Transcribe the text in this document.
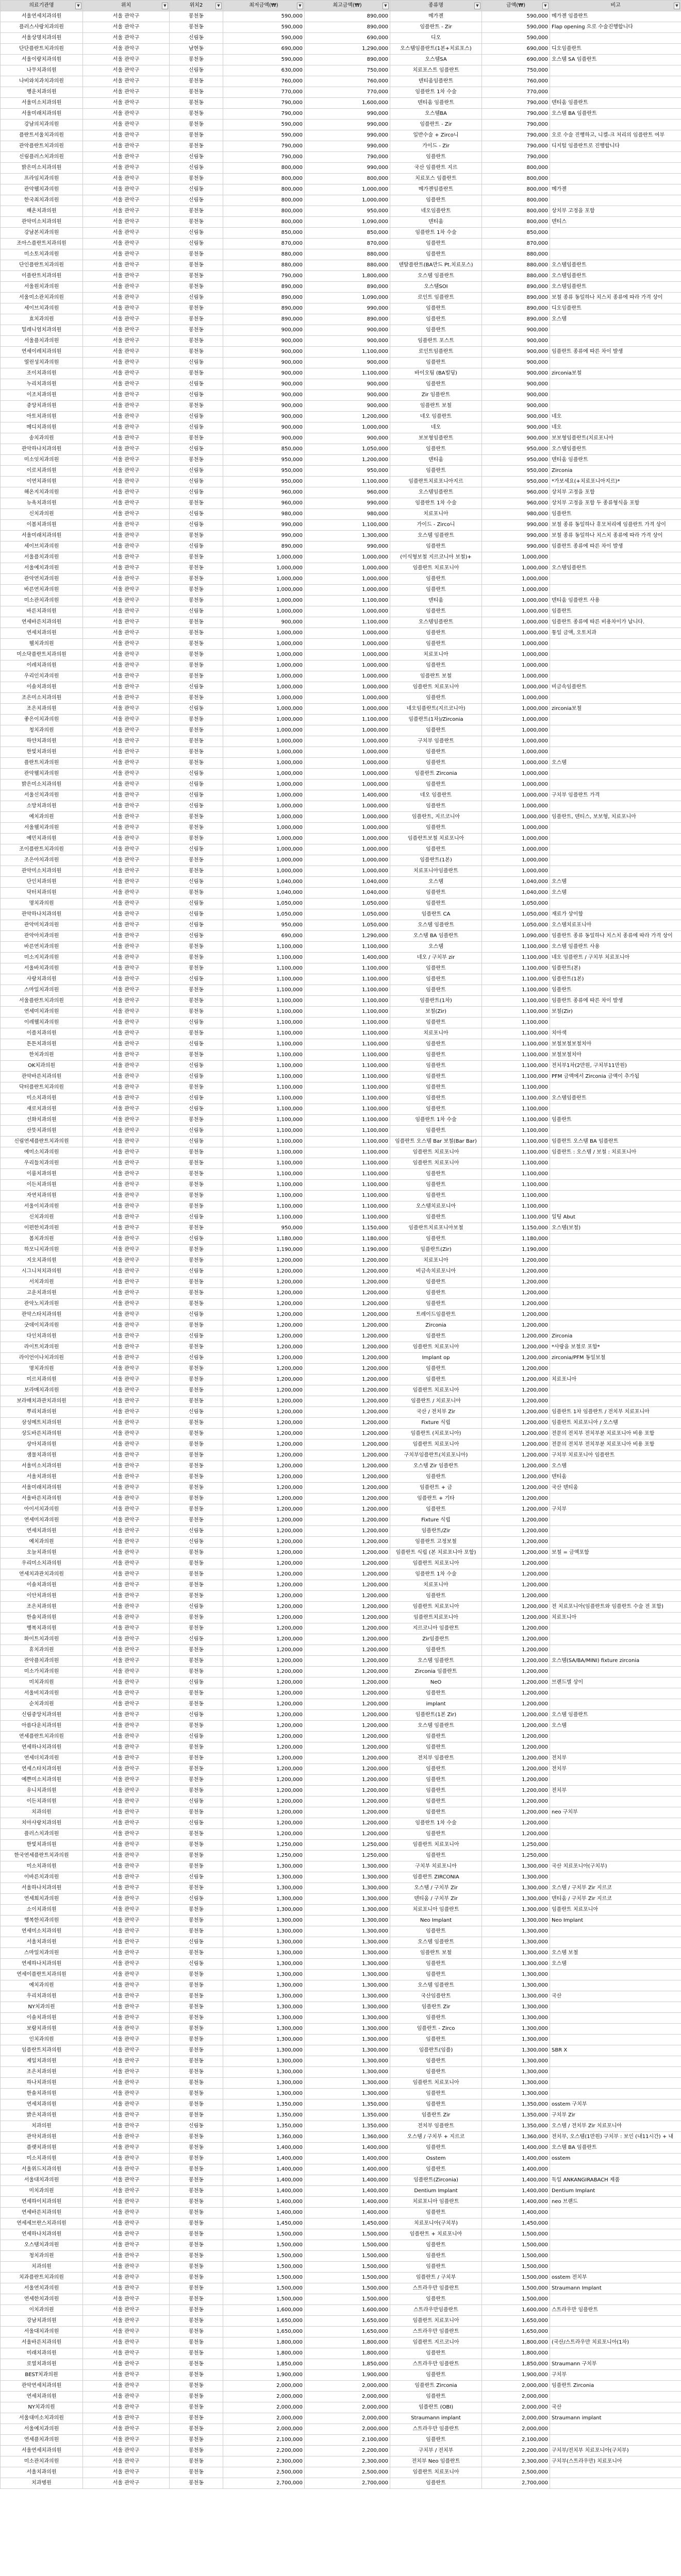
의료기관명 ▼	위치 ▼	위치2 ▼	최저금액(₩) ▼	최고금액(₩) ▼	종류명 ▼	금액(₩) ▼	비고 ▼

서울연세치과의원	서울 관악구	봉천동	590,000	890,000	메가젠	590,000	메가젠 임플란트
플러스사랑치과의원	서울 관악구	봉천동	590,000	890,000	임플란트 - Zir	590,000	Flap opening 으로 수술진행합니다
서울상명치과의원	서울 관악구	신림동	590,000	690,000	디오	590,000	
단단플란트치과의원	서울 관악구	남현동	690,000	1,290,000	오스템임플란트(1본+치료포스)	690,000	디오임플란트
서울이랑치과의원	서울 관악구	봉천동	590,000	890,000	오스템SA	690,000	오스템 SA 임플란트
나무치과의원	서울 관악구	신림동	630,000	750,000	치료포스트 임플란트	750,000	
나비와치과치과의원	서울 관악구	봉천동	760,000	760,000	덴티움임플란트	760,000	
행운치과의원	서울 관악구	봉천동	770,000	770,000	임플란트 1차 수술	770,000	
서울미소치과의원	서울 관악구	봉천동	790,000	1,600,000	덴티움 임플란트	790,000	덴티움 임플란트
서울미래치과의원	서울 관악구	봉천동	790,000	990,000	오스템BA	790,000	오스템 BA 임플란트
강남의치과의원	서울 관악구	봉천동	590,000	990,000	임플란트 - Zir	790,000	
플란트서울치과의원	서울 관악구	봉천동	590,000	990,000	일반수술 + Zirco니	790,000	오로 수술 진행하고, 니켈-크 처리의 임플란트 여부
관악플란트치과의원	서울 관악구	봉천동	790,000	990,000	가이드 - Zir	790,000	디지털 임플란트로 진행합니다
신림플러스치과의원	서울 관악구	신림동	790,000	790,000	임플란트	790,000	
밝은미소치과의원	서울 관악구	신림동	800,000	990,000	국산 임플란트 지르	800,000	
프라임치과의원	서울 관악구	봉천동	800,000	800,000	치료포스 임플란트	800,000	
관악웰치과의원	서울 관악구	신림동	800,000	1,000,000	메가젠임플란트	800,000	메가젠
한국최치과의원	서울 관악구	신림동	800,000	1,000,000	임플란트	800,000	
해온치과의원	서울 관악구	봉천동	800,000	950,000	네오임플란트	800,000	상치부 고정을 포함
관악미소치과의원	서울 관악구	봉천동	800,000	1,090,000	덴티움	800,000	덴티스
강남본치과의원	서울 관악구	신림동	850,000	850,000	임플란트 1차 수술	850,000	
조아스플란트치과의원	서울 관악구	신림동	870,000	870,000	임플란트	870,000	
미소토치과의원	서울 관악구	봉천동	880,000	880,000	임플란트	880,000	
단인플란트치과의원	서울 관악구	봉천동	880,000	880,000	덴탈플란트(BA만드 Pt.치료포스)	880,000	오스템임플란트
이플란트치과의원	서울 관악구	봉천동	790,000	1,800,000	오스템 임플란트	880,000	오스템임플란트
서울원치과의원	서울 관악구	봉천동	890,000	890,000	오스템SOI	890,000	오스템임플란트
서울미소관치과의원	서울 관악구	신림동	890,000	1,090,000	로인트 임플란트	890,000	보철 종류 동일하나 치스치 종류에 따라 가격 상이
세이브치과의원	서울 관악구	봉천동	890,000	990,000	임플란트	890,000	디오임플란트
효치과의원	서울 관악구	봉천동	890,000	890,000	임플란트	890,000	오스템
밀레니엄치과의원	서울 관악구	봉천동	900,000	900,000	임플란트	900,000	
서울플치과의원	서울 관악구	봉천동	900,000	900,000	임플란트 포스트	900,000	
연세이레치과의원	서울 관악구	봉천동	900,000	1,100,000	로인트임플란트	900,000	임플란트 종류에 따른 차이 발생
열린성치과의원	서울 관악구	신림동	900,000	900,000	임플란트	900,000	
조이치과의원	서울 관악구	봉천동	900,000	1,100,000	바이오팀 (BA빌딩)	900,000	zirconia보철
누리치과의원	서울 관악구	신림동	900,000	900,000	임플란트	900,000	
이조치과의원	서울 관악구	신림동	900,000	900,000	Zir 임플란트	900,000	
중앙치과의원	서울 관악구	봉천동	900,000	900,000	임플란트 보철	900,000	
아토치과의원	서울 관악구	신림동	900,000	1,200,000	네오 임플란트	900,000	네오
메디치과의원	서울 관악구	신림동	900,000	1,000,000	네오	900,000	네오
송치과의원	서울 관악구	봉천동	900,000	900,000	보보형임플란트	900,000	보보형임플란트(치료포니아
관악하나치과의원	서울 관악구	신림동	850,000	1,050,000	임플란트	950,000	오스템임플란트
미소잇치과의원	서울 관악구	봉천동	950,000	1,200,000	덴티움	950,000	덴티움 임플란트
이로치과의원	서울 관악구	신림동	950,000	950,000	임플란트	950,000	Zirconia
이연치과의원	서울 관악구	신림동	950,000	1,100,000	임플란트치료포니아지르	950,000	*가보세요(+치료포니아지르)*
해온지치과의원	서울 관악구	신림동	960,000	960,000	오스템임플란트	960,000	상치부 고정을 포함
뉴욕치과의원	서울 관악구	봉천동	960,000	990,000	임플란트 1차 수술	960,000	상치부 고정을 포함 두 종류형식을 포함
신치과의원	서울 관악구	신림동	980,000	980,000	치료포니아	980,000	임플란트
이봄치과의원	서울 관악구	신림동	990,000	1,100,000	가이드 - Zirco니	990,000	보철 종류 동일하나 휴모처리에 임플란트 가격 상이
서울미래치과의원	서울 관악구	봉천동	990,000	1,300,000	오스템 임플란트	990,000	보철 종류 동일하나 치스치 종류에 따라 가격 상이
세이브치과의원	서울 관악구	신림동	890,000	990,000	임플란트	990,000	임플란트 종류에 따른 차이 발생
서울플치과의원	서울 관악구	봉천동	1,000,000	1,000,000	(이식형보철 지르코니아 보철)+	1,000,000	
서울예치과의원	서울 관악구	봉천동	1,000,000	1,000,000	임플란트 치료포니아	1,000,000	오스템임플란트
관악연치과의원	서울 관악구	봉천동	1,000,000	1,000,000	임플란트	1,000,000	
바른연치과의원	서울 관악구	봉천동	1,000,000	1,000,000	임플란트	1,000,000	
미소관치과의원	서울 관악구	봉천동	1,000,000	1,100,000	덴티움	1,000,000	덴티움 임플란트 사용
바른치과의원	서울 관악구	신림동	1,000,000	1,000,000	임플란트	1,000,000	임플란트
연세바른치과의원	서울 관악구	봉천동	900,000	1,100,000	오스템임플란트	1,000,000	임플란트 종류에 따른 비용차이가 납니다.
연세치과의원	서울 관악구	봉천동	1,000,000	1,000,000	임플란트	1,000,000	통일 금액, 오토치과
웰치과의원	서울 관악구	봉천동	1,000,000	1,000,000	임플란트	1,000,000	
미소닥플란트치과의원	서울 관악구	봉천동	1,000,000	1,000,000	치료포니아	1,000,000	
이레치과의원	서울 관악구	봉천동	1,000,000	1,000,000	임플란트	1,000,000	
우리인치과의원	서울 관악구	봉천동	1,000,000	1,000,000	임플란트 보철	1,000,000	
이솔치과의원	서울 관악구	신림동	1,000,000	1,000,000	임플란트 치료포니아	1,000,000	비금속임플란트
조은미소치과의원	서울 관악구	봉천동	1,000,000	1,000,000	임플란트	1,000,000	
조은치과의원	서울 관악구	신림동	1,000,000	1,000,000	네오임플란트(지르코니아)	1,000,000	zirconia보철
좋은이치과의원	서울 관악구	봉천동	1,000,000	1,100,000	임플란트(1차)/Zirconia	1,000,000	
청치과의원	서울 관악구	봉천동	1,000,000	1,000,000	임플란트	1,000,000	
하얀치과의원	서울 관악구	봉천동	1,000,000	1,000,000	구치부 임플란트	1,000,000	
한빛치과의원	서울 관악구	봉천동	1,000,000	1,000,000	임플란트	1,000,000	
플란트치과의원	서울 관악구	봉천동	1,000,000	1,000,000	임플란트	1,000,000	오스템
관악웰치과의원	서울 관악구	신림동	1,000,000	1,000,000	임플란트 Zirconia	1,000,000	
밝은미소치과의원	서울 관악구	신림동	1,000,000	1,000,000	임플란트	1,000,000	
서울신치과의원	서울 관악구	신림동	1,000,000	1,400,000	네오 임플란트	1,000,000	구치부 임플란트 가격
소망치과의원	서울 관악구	신림동	1,000,000	1,000,000	임플란트	1,000,000	
예치과의원	서울 관악구	봉천동	1,000,000	1,000,000	임플란트, 지르코니아	1,000,000	임플란트, 덴티스, 보보형, 치료포니아
서울웰치과의원	서울 관악구	봉천동	1,000,000	1,000,000	임플란트	1,000,000	
예민치과의원	서울 관악구	봉천동	1,000,000	1,000,000	임플란트보철 치료포니아	1,000,000	
조이플란트치과의원	서울 관악구	신림동	1,000,000	1,000,000	임플란트	1,000,000	
조은아치과의원	서울 관악구	봉천동	1,000,000	1,000,000	임플란트(1본)	1,000,000	
관악미소치과의원	서울 관악구	봉천동	1,000,000	1,000,000	치료포니아임플란트	1,000,000	
단인치과의원	서울 관악구	신림동	1,040,000	1,040,000	오스템	1,040,000	오스템
닥터치과의원	서울 관악구	봉천동	1,040,000	1,040,000	임플란트	1,040,000	오스템
명치과의원	서울 관악구	신림동	1,050,000	1,050,000	임플란트	1,050,000	
관악하나치과의원	서울 관악구	신림동	1,050,000	1,050,000	임플란트 CA	1,050,000	재료가 상이함
관악미치과의원	서울 관악구	신림동	950,000	1,050,000	오스템 임플란트	1,050,000	오스템치료포니아
관악아치과의원	서울 관악구	신림동	690,000	1,290,000	오스템 BA 임플란트	1,090,000	임플란트 종류 동일하나 치스치 종류에 따라 가격 상이
바른연치과의원	서울 관악구	봉천동	1,100,000	1,100,000	오스템	1,100,000	오스템 임플란트 사용
미소지치과의원	서울 관악구	봉천동	1,100,000	1,400,000	네오 / 구치부 zir	1,100,000	네오 임플란트 / 구치부 치료포니아
서울바치과의원	서울 관악구	봉천동	1,100,000	1,100,000	임플란트	1,100,000	임플란트(본)
사랑치과의원	서울 관악구	신림동	1,100,000	1,100,000	임플란트	1,100,000	임플란트(1본)
스마일치과의원	서울 관악구	봉천동	1,100,000	1,100,000	임플란트	1,100,000	임플란트
서울플란트치과의원	서울 관악구	봉천동	1,100,000	1,100,000	임플란트(1차)	1,100,000	임플란트 종류에 따른 차이 발생
연세미치과의원	서울 관악구	봉천동	1,100,000	1,100,000	보철(Zir)	1,100,000	보철(Zir)
이레웰치과의원	서울 관악구	신림동	1,100,000	1,100,000	임플란트	1,100,000	
이플치과의원	서울 관악구	봉천동	1,100,000	1,100,000	치료포니아	1,100,000	치아색
튼튼치과의원	서울 관악구	신림동	1,100,000	1,100,000	임플란트	1,100,000	보철보철보철치아
한치과의원	서울 관악구	봉천동	1,100,000	1,100,000	임플란트	1,100,000	보철보철치아
OK치과의원	서울 관악구	신림동	1,100,000	1,100,000	임플란트	1,100,000	전치부1차(2만원, 구치부11만원)
관악바른치과의원	서울 관악구	신림동	1,100,000	1,100,000	임플란트	1,100,000	PFM 금액에서 Zirconia 금액이 추가됨
닥터플란트치과의원	서울 관악구	봉천동	1,100,000	1,100,000	임플란트	1,100,000	
미소치과의원	서울 관악구	신림동	1,100,000	1,100,000	임플란트	1,100,000	오스템임플란트
새로치과의원	서울 관악구	신림동	1,100,000	1,100,000	임플란트	1,100,000	
선화치과의원	서울 관악구	봉천동	1,100,000	1,100,000	임플란트 1차 수술	1,100,000	임플란트
산뜻치과의원	서울 관악구	신림동	1,100,000	1,100,000	임플란트	1,100,000	
신림연세플란트치과의원	서울 관악구	신림동	1,100,000	1,100,000	임플란트 오스템 Bar 보철(Bar Bar)	1,100,000	임플란트 오스템 BA 임플란트
예미소치과의원	서울 관악구	봉천동	1,100,000	1,100,000	임플란트 치료포니아	1,100,000	임플란트 : 오스템 / 보철 : 치료포니아
우리들치과의원	서울 관악구	봉천동	1,100,000	1,100,000	임플란트 치료포니아	1,100,000	
이룸치과의원	서울 관악구	봉천동	1,100,000	1,100,000	임플란트	1,100,000	
이든치과의원	서울 관악구	봉천동	1,100,000	1,100,000	임플란트	1,100,000	
자연치과의원	서울 관악구	봉천동	1,100,000	1,100,000	임플란트	1,100,000	
서울이치과의원	서울 관악구	봉천동	1,100,000	1,100,000	오스템치료포니아	1,100,000	
신치과의원	서울 관악구	신림동	1,100,000	1,100,000	임플란트	1,100,000	일팅 Abut
이편한치과의원	서울 관악구	봉천동	950,000	1,150,000	임플란트치료포니아보철	1,150,000	오스템(보철)
봄치과의원	서울 관악구	신림동	1,180,000	1,180,000	임플란트	1,180,000	
하모니치과의원	서울 관악구	봉천동	1,190,000	1,190,000	임플란트(Zir)	1,190,000	
지오치과의원	서울 관악구	봉천동	1,200,000	1,200,000	치료포니아	1,200,000	
시그니처치과의원	서울 관악구	신림동	1,200,000	1,200,000	비금속치료포니아	1,200,000	
서치과의원	서울 관악구	봉천동	1,200,000	1,200,000	임플란트	1,200,000	
고운치과의원	서울 관악구	봉천동	1,200,000	1,200,000	임플란트	1,200,000	
관악노치과의원	서울 관악구	봉천동	1,200,000	1,200,000	임플란트	1,200,000	
관악스타치과의원	서울 관악구	신림동	1,200,000	1,200,000	트레이드임플란트	1,200,000	
굿데이치과의원	서울 관악구	봉천동	1,200,000	1,200,000	Zirconia	1,200,000	
다인치과의원	서울 관악구	신림동	1,200,000	1,200,000	임플란트	1,200,000	Zirconia
라이트치과의원	서울 관악구	봉천동	1,200,000	1,200,000	임플란트 치료포니아	1,200,000	*사랑을 보철로 포함*
라이언이나치과의원	서울 관악구	신림동	1,200,000	1,200,000	Implant op	1,200,000	zirconia/PFM 동일보철
명치과의원	서울 관악구	봉천동	1,200,000	1,200,000	임플란트	1,200,000	
미르치과의원	서울 관악구	봉천동	1,200,000	1,200,000	임플란트	1,200,000	치료포니아
보라매치과의원	서울 관악구	봉천동	1,200,000	1,200,000	임플란트 치료포니아	1,200,000	
보라매치과관치과의원	서울 관악구	봉천동	1,200,000	1,200,000	임플란트 / 치료포니아	1,200,000	
뿌리치과의원	서울 관악구	신림동	1,200,000	1,200,000	국산 / 전치부 Zir	1,200,000	임플란트 1차 임플란트 / 전치부 치료포니아
삼성메트치과의원	서울 관악구	봉천동	1,200,000	1,200,000	Fixture 식립	1,200,000	임플란트 치료포니아 / 오스템
상도바른치과의원	서울 관악구	봉천동	1,200,000	1,200,000	임플란트 (치료포니아)	1,200,000	전문의 전치부 전치부분 치료포니아 비용 포함
상아치과의원	서울 관악구	봉천동	1,200,000	1,200,000	임플란트 치료포니아	1,200,000	전문의 전치부 전치부분 치료포니아 비용 포함
샘물치과의원	서울 관악구	봉천동	1,200,000	1,200,000	구치부임플란트(치료포니아)	1,200,000	구치부 치료포니아 임플란트
서울미소치과의원	서울 관악구	봉천동	1,200,000	1,200,000	오스템 Zir 임플란트	1,200,000	오스템
서울치과의원	서울 관악구	봉천동	1,200,000	1,200,000	임플란트	1,200,000	덴티움
서울미래치과의원	서울 관악구	봉천동	1,200,000	1,200,000	임플란트 + 금	1,200,000	국산 덴티움
서울바른치과의원	서울 관악구	봉천동	1,200,000	1,200,000	임플란트 + 기타	1,200,000	
아이서치과의원	서울 관악구	봉천동	1,200,000	1,200,000	임플란트	1,200,000	구치부
연세미치과의원	서울 관악구	봉천동	1,200,000	1,200,000	Fixture 식립	1,200,000	
연세치과의원	서울 관악구	신림동	1,200,000	1,200,000	임플란트/Zir	1,200,000	
예치과의원	서울 관악구	신림동	1,200,000	1,200,000	임플란트 고정보철	1,200,000	
오늘치과의원	서울 관악구	봉천동	1,200,000	1,200,000	임플란트 식립 (본 치료포니아 포함)	1,200,000	보철 = 금액포함
우리미소치과의원	서울 관악구	봉천동	1,200,000	1,200,000	임플란트 치료포니아	1,200,000	
연세치과관치과의원	서울 관악구	봉천동	1,200,000	1,200,000	임플란트 1차 수술	1,200,000	
이솔치과의원	서울 관악구	봉천동	1,200,000	1,200,000	치료포니아	1,200,000	
이안치과의원	서울 관악구	봉천동	1,200,000	1,200,000	임플란트	1,200,000	
조은치과의원	서울 관악구	신림동	1,200,000	1,200,000	임플란트 치료포니아	1,200,000	전 치료포니아(임플란트와 임플란트 수술 전 포함)
한솔치과의원	서울 관악구	봉천동	1,200,000	1,200,000	임플란트치료포니아	1,200,000	치료포니아
행복치과의원	서울 관악구	봉천동	1,200,000	1,200,000	지르코니아 임플란트	1,200,000	
화이트치과의원	서울 관악구	신림동	1,200,000	1,200,000	Zir임플란트	1,200,000	
휴치과의원	서울 관악구	봉천동	1,200,000	1,200,000	임플란트	1,200,000	
관악플치과의원	서울 관악구	봉천동	1,200,000	1,200,000	오스템 임플란트	1,200,000	오스템(SA/BA/MINI) fixture zirconia
미소가치과의원	서울 관악구	봉천동	1,200,000	1,200,000	Zirconia 임플란트	1,200,000	
미치과의원	서울 관악구	신림동	1,200,000	1,200,000	NeO	1,200,000	브랜드별 상이
서울비치과의원	서울 관악구	봉천동	1,200,000	1,200,000	임플란트	1,200,000	
순치과의원	서울 관악구	봉천동	1,200,000	1,200,000	implant	1,200,000	
신림중앙치과의원	서울 관악구	신림동	1,200,000	1,200,000	임플란트(1본 Zir)	1,200,000	오스템 임플란트
아름다운치과의원	서울 관악구	봉천동	1,200,000	1,200,000	오스템 임플란트	1,200,000	오스템
연세플란트치과의원	서울 관악구	신림동	1,200,000	1,200,000	임플란트	1,200,000	
연세하나치과의원	서울 관악구	봉천동	1,200,000	1,200,000	임플란트	1,200,000	
연세더치과의원	서울 관악구	봉천동	1,200,000	1,200,000	전치부 임플란트	1,200,000	전치부
연세스타치과의원	서울 관악구	봉천동	1,200,000	1,200,000	임플란트	1,200,000	전치부
예쁜미소치과의원	서울 관악구	봉천동	1,200,000	1,200,000	임플란트	1,200,000	
유니치과의원	서울 관악구	봉천동	1,200,000	1,200,000	임플란트	1,200,000	전치부
이든치과의원	서울 관악구	신림동	1,200,000	1,200,000	임플란트	1,200,000	
치과의원	서울 관악구	봉천동	1,200,000	1,200,000	임플란트	1,200,000	neo 구치부
치아사랑치과의원	서울 관악구	신림동	1,200,000	1,200,000	임플란트 1차 수술	1,200,000	
플러스치과의원	서울 관악구	봉천동	1,200,000	1,200,000	임플란트	1,200,000	
한빛치과의원	서울 관악구	봉천동	1,250,000	1,250,000	임플란트 치료포니아	1,250,000	
한국연세플란트치과의원	서울 관악구	봉천동	1,250,000	1,250,000	임플란트	1,250,000	
미소치과의원	서울 관악구	봉천동	1,300,000	1,300,000	구치부 치료포니아	1,300,000	국산 치료포니아(구치부)
이바른치과의원	서울 관악구	신림동	1,300,000	1,300,000	임플란트 ZIRCONIA	1,300,000	
서울하나치과의원	서울 관악구	봉천동	1,300,000	1,300,000	오스템 / 구치부 Zir	1,300,000	오스템 / 구치부 Zir 지르코
연세희치과의원	서울 관악구	신림동	1,300,000	1,300,000	덴티움 / 구치부 Zir	1,300,000	덴티움 / 구치부 Zir 지르코
소이치과의원	서울 관악구	봉천동	1,300,000	1,300,000	치료포니아 임플란트	1,300,000	임플란트 치료포니아
행복한치과의원	서울 관악구	봉천동	1,300,000	1,300,000	Neo Implant	1,300,000	Neo Implant
연세미소치과의원	서울 관악구	봉천동	1,300,000	1,300,000	임플란트	1,300,000	
서울치과의원	서울 관악구	신림동	1,300,000	1,300,000	오스템 임플란트	1,300,000	
스마일치과의원	서울 관악구	봉천동	1,300,000	1,300,000	임플란트 보철	1,300,000	오스템 보철
연세하나치과의원	서울 관악구	신림동	1,300,000	1,300,000	임플란트	1,300,000	오스템
연세이플란트치과의원	서울 관악구	봉천동	1,300,000	1,300,000	임플란트	1,300,000	
예치과의원	서울 관악구	봉천동	1,300,000	1,300,000	오스템 임플란트	1,300,000	
우리치과의원	서울 관악구	봉천동	1,300,000	1,300,000	국산임플란트	1,300,000	국산
NY치과의원	서울 관악구	봉천동	1,300,000	1,300,000	임플란트 Zir	1,300,000	
이솔치과의원	서울 관악구	봉천동	1,300,000	1,300,000	임플란트	1,300,000	
보람치과의원	서울 관악구	봉천동	1,300,000	1,300,000	임플란트 - Zirco	1,300,000	
인치과의원	서울 관악구	봉천동	1,300,000	1,300,000	임플란트	1,300,000	
임플란트치과의원	서울 관악구	봉천동	1,300,000	1,300,000	임플란트(임플)	1,300,000	SBR X
제일치과의원	서울 관악구	봉천동	1,300,000	1,300,000	임플란트	1,300,000	
조은치과의원	서울 관악구	봉천동	1,300,000	1,300,000	임플란트	1,300,000	
하나치과의원	서울 관악구	봉천동	1,300,000	1,300,000	임플란트 치료포니아	1,300,000	
한솔치과의원	서울 관악구	봉천동	1,300,000	1,300,000	임플란트	1,300,000	
연세치과의원	서울 관악구	봉천동	1,350,000	1,350,000	임플란트	1,350,000	osstem 구치부
밝은치과의원	서울 관악구	봉천동	1,350,000	1,350,000	임플란트 Zir	1,350,000	구치부 Zir
치과의원	서울 관악구	신림동	1,350,000	1,350,000	전치부 임플란트	1,350,000	오스템 / 전치부 Zir 치료포니아
관악치과의원	서울 관악구	봉천동	1,360,000	1,360,000	오스템 / 구치부 + 지르코	1,360,000	전치부, 오스템(1만원) 구치부 : 보인 (내11시간) + 내
플랫치과의원	서울 관악구	봉천동	1,400,000	1,400,000	임플란트	1,400,000	오스템 BA 임플란트
미소치과의원	서울 관악구	봉천동	1,400,000	1,400,000	Osstem	1,400,000	osstem
서울위드치과의원	서울 관악구	봉천동	1,400,000	1,400,000	임플란트	1,400,000	
서울대치과의원	서울 관악구	봉천동	1,400,000	1,400,000	임플란트(Zirconia)	1,400,000	독일 ANKANGIRABACH 제품
미치과의원	서울 관악구	봉천동	1,400,000	1,400,000	Dentium Implant	1,400,000	Dentium Implant
연세하이치과의원	서울 관악구	봉천동	1,400,000	1,400,000	치료포니아 임플란트	1,400,000	neo 브랜드
연세바른치과의원	서울 관악구	봉천동	1,400,000	1,400,000	임플란트	1,400,000	
연세세브란스치과의원	서울 관악구	봉천동	1,450,000	1,450,000	치료포니아(구치부)	1,450,000	
연세하나치과의원	서울 관악구	봉천동	1,500,000	1,500,000	임플란트 + 치료포니아	1,500,000	
오스템치과의원	서울 관악구	봉천동	1,500,000	1,500,000	임플란트	1,500,000	
청치과의원	서울 관악구	봉천동	1,500,000	1,500,000	임플란트	1,500,000	
치과의원	서울 관악구	봉천동	1,500,000	1,500,000	임플란트	1,500,000	
치과플란트치과의원	서울 관악구	봉천동	1,500,000	1,500,000	임플란트 / 구치부	1,500,000	osstem 전치부
서울연치과의원	서울 관악구	봉천동	1,500,000	1,500,000	스트라우만 임플란트	1,500,000	Straumann Implant
연세한치과의원	서울 관악구	봉천동	1,500,000	1,500,000	임플란트	1,500,000	
이치과의원	서울 관악구	봉천동	1,600,000	1,600,000	스트라우만임플란트	1,600,000	스트라우만 임플란트
강남치과의원	서울 관악구	봉천동	1,650,000	1,650,000	임플란트 치료포니아	1,650,000	
서울대치과의원	서울 관악구	봉천동	1,650,000	1,650,000	스트라우만 임플란트	1,650,000	
서울바른치과의원	서울 관악구	봉천동	1,800,000	1,800,000	임플란트 지르코니아	1,800,000	(국산/스트라우만 치료포니아(1차)
미래치과의원	서울 관악구	봉천동	1,800,000	1,800,000	임플란트	1,800,000	
로열치과의원	서울 관악구	봉천동	1,850,000	1,850,000	스트라우만 임플란트	1,850,000	Straumann 구치부
BEST치과의원	서울 관악구	봉천동	1,900,000	1,900,000	임플란트	1,900,000	구치부
관악연세치과의원	서울 관악구	봉천동	2,000,000	2,000,000	임플란트 Zirconia	2,000,000	임플란트 Zirconia
연세치과의원	서울 관악구	봉천동	2,000,000	2,000,000	임플란트	2,000,000	
NY치과의원	서울 관악구	봉천동	2,000,000	2,000,000	임플란트 (OBI)	2,000,000	국산
서울대미소치과의원	서울 관악구	봉천동	2,000,000	2,000,000	Straumann implant	2,000,000	Straumann implant
서울예치과의원	서울 관악구	봉천동	2,000,000	2,000,000	스트라우만 임플란트	2,000,000	
연세플치과의원	서울 관악구	봉천동	2,100,000	2,100,000	임플란트	2,100,000	
서울연세치과의원	서울 관악구	봉천동	2,200,000	2,200,000	구치부 / 전치부	2,200,000	구치부/전치부 치료포니아(구치부)
미소관치과의원	서울 관악구	봉천동	2,300,000	2,300,000	전치부 Neo 임플란트	2,300,000	구치부(스트라우만) 치료포니아
서울치과의원	서울 관악구	봉천동	2,500,000	2,500,000	임플란트 치료포니아	2,500,000	
치과병원	서울 관악구	봉천동	2,700,000	2,700,000	임플란트	2,700,000	
